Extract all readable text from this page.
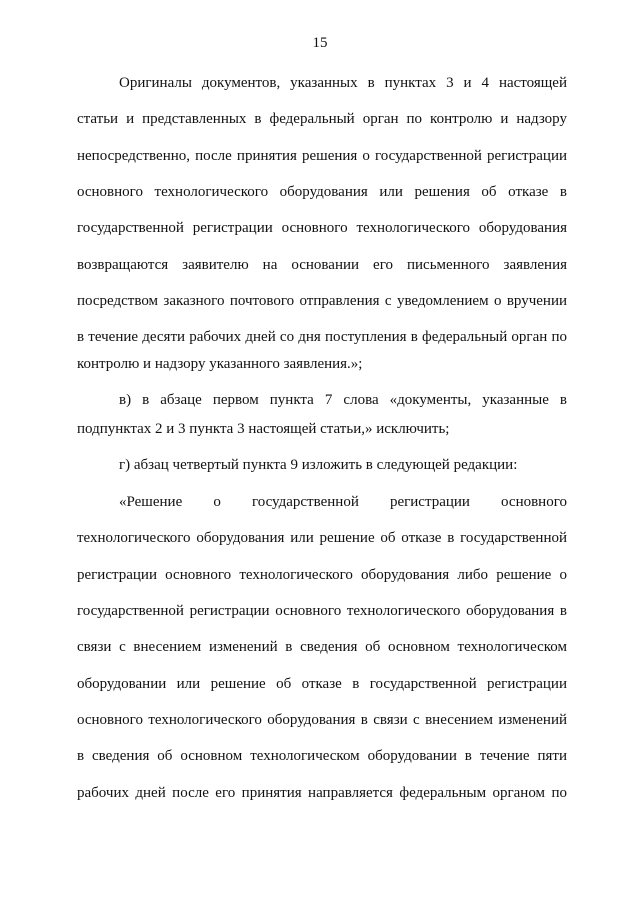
15
Оригиналы документов, указанных в пунктах 3 и 4 настоящей
статьи и представленных в федеральный орган по контролю и надзору
непосредственно, после принятия решения о государственной регистрации
основного технологического оборудования или решения об отказе в
государственной регистрации основного технологического оборудования
возвращаются заявителю на основании его письменного заявления
посредством заказного почтового отправления с уведомлением о вручении
в течение десяти рабочих дней со дня поступления в федеральный орган по
контролю и надзору указанного заявления.»;
в) в абзаце первом пункта 7 слова «документы, указанные в
подпунктах 2 и 3 пункта 3 настоящей статьи,» исключить;
г) абзац четвертый пункта 9 изложить в следующей редакции:
«Решение о государственной регистрации основного
технологического оборудования или решение об отказе в государственной
регистрации основного технологического оборудования либо решение о
государственной регистрации основного технологического оборудования в
связи с внесением изменений в сведения об основном технологическом
оборудовании или решение об отказе в государственной регистрации
основного технологического оборудования в связи с внесением изменений
в сведения об основном технологическом оборудовании в течение пяти
рабочих дней после его принятия направляется федеральным органом по
